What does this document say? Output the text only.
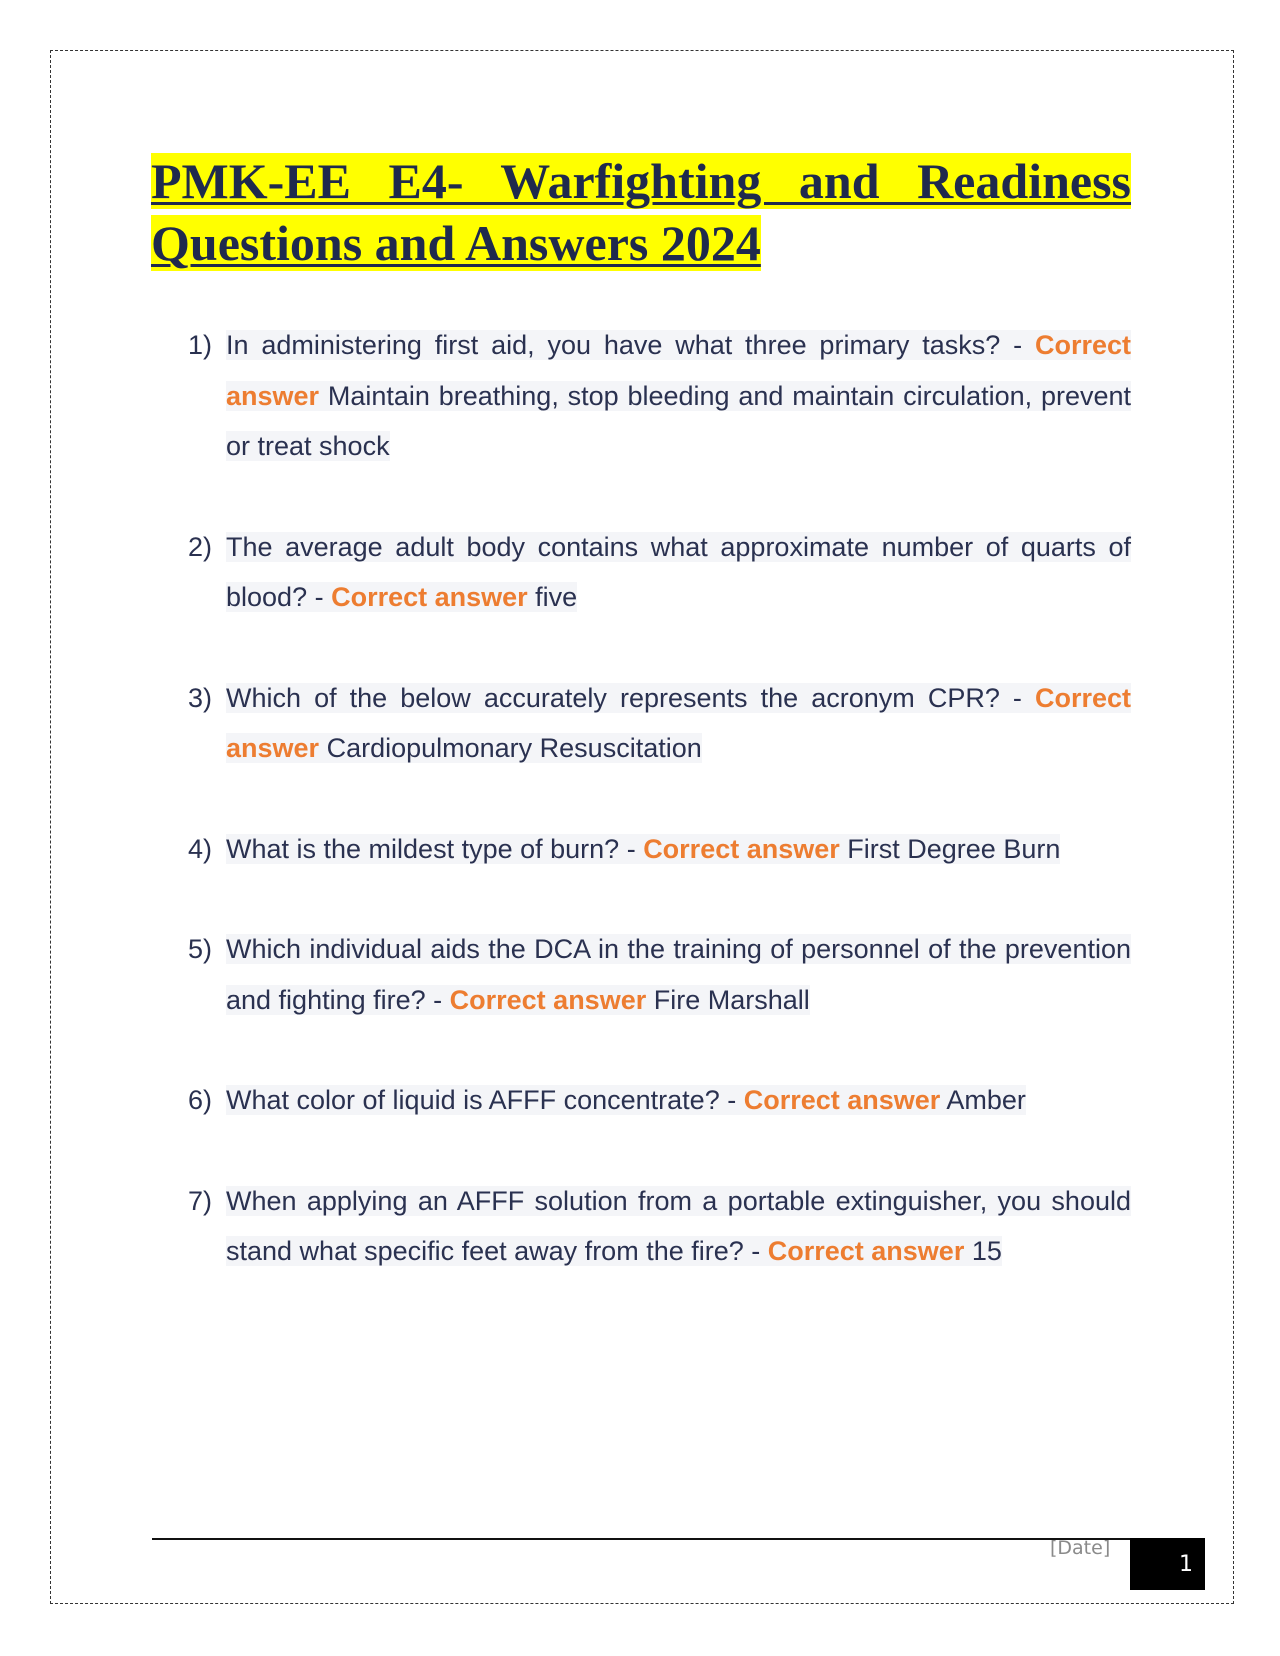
PMK-EE E4- Warfighting and Readiness Questions and Answers 2024
1) In administering first aid, you have what three primary tasks? - Correct answer Maintain breathing, stop bleeding and maintain circulation, prevent or treat shock
2) The average adult body contains what approximate number of quarts of blood? - Correct answer five
3) Which of the below accurately represents the acronym CPR? - Correct answer Cardiopulmonary Resuscitation
4) What is the mildest type of burn? - Correct answer First Degree Burn
5) Which individual aids the DCA in the training of personnel of the prevention and fighting fire? - Correct answer Fire Marshall
6) What color of liquid is AFFF concentrate? - Correct answer Amber
7) When applying an AFFF solution from a portable extinguisher, you should stand what specific feet away from the fire? - Correct answer 15
[Date]
1
